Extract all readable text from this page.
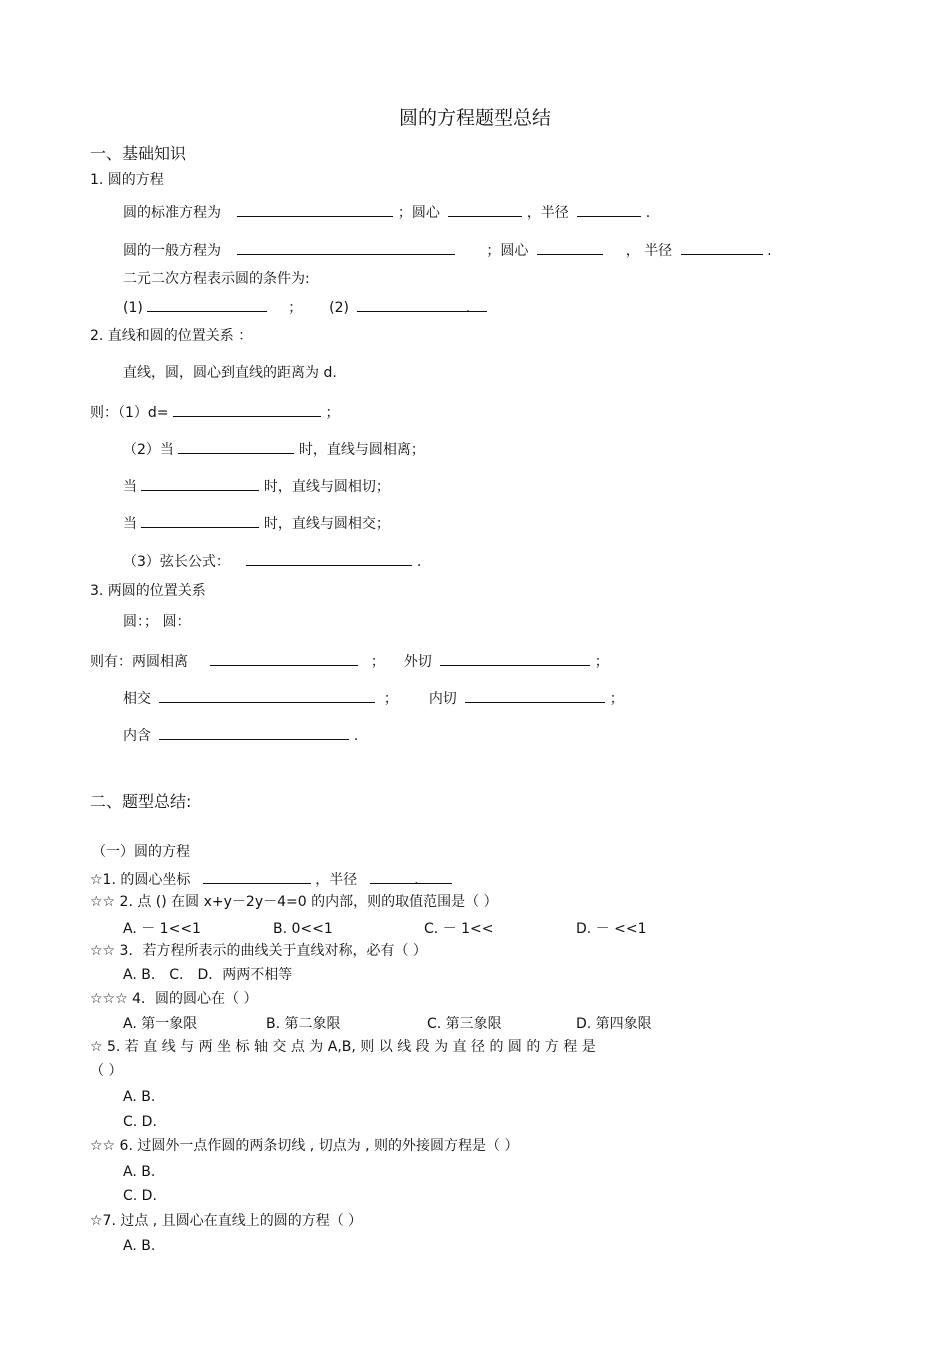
圆的方程题型总结
一、基础知识
1. 圆的方程
圆的标准方程为	；圆心	，半径	.
圆的一般方程为	；圆心	， 半径	.
二元二次方程表示圆的条件为:
(1)	； (2)	.
2. 直线和圆的位置关系 ：
直线，圆，圆心到直线的距离为 d.
则：（1）d=	；
（2）当	时，直线与圆相离；
当	时，直线与圆相切；
当	时，直线与圆相交；
（3）弦长公式：	.
3. 两圆的位置关系
圆：； 圆：
则有：两圆相离	； 外切	；
相交	； 内切	；
内含	.
二、题型总结:
（一）圆的方程
☆1. 的圆心坐标	，半径	.
☆☆ 2. 点 () 在圆 x+y－2y－4=0 的内部，则的取值范围是（ ）
A. － 1<<1	B. 0<<1	C. － 1<<	D. － <<1
☆☆ 3．若方程所表示的曲线关于直线对称，必有（ ）
A. B． C． D．两两不相等
☆☆☆ 4．圆的圆心在（ ）
A. 第一象限	B. 第二象限	C. 第三象限	D. 第四象限
☆ 5. 若 直 线 与 两 坐 标 轴 交 点 为 A,B, 则 以 线 段 为 直 径 的 圆 的 方 程 是
（ ）
A. B.
C. D.
☆☆ 6. 过圆外一点作圆的两条切线 , 切点为 , 则的外接圆方程是（ ）
A. B.
C. D.
☆7. 过点 , 且圆心在直线上的圆的方程（ ）
A. B.
